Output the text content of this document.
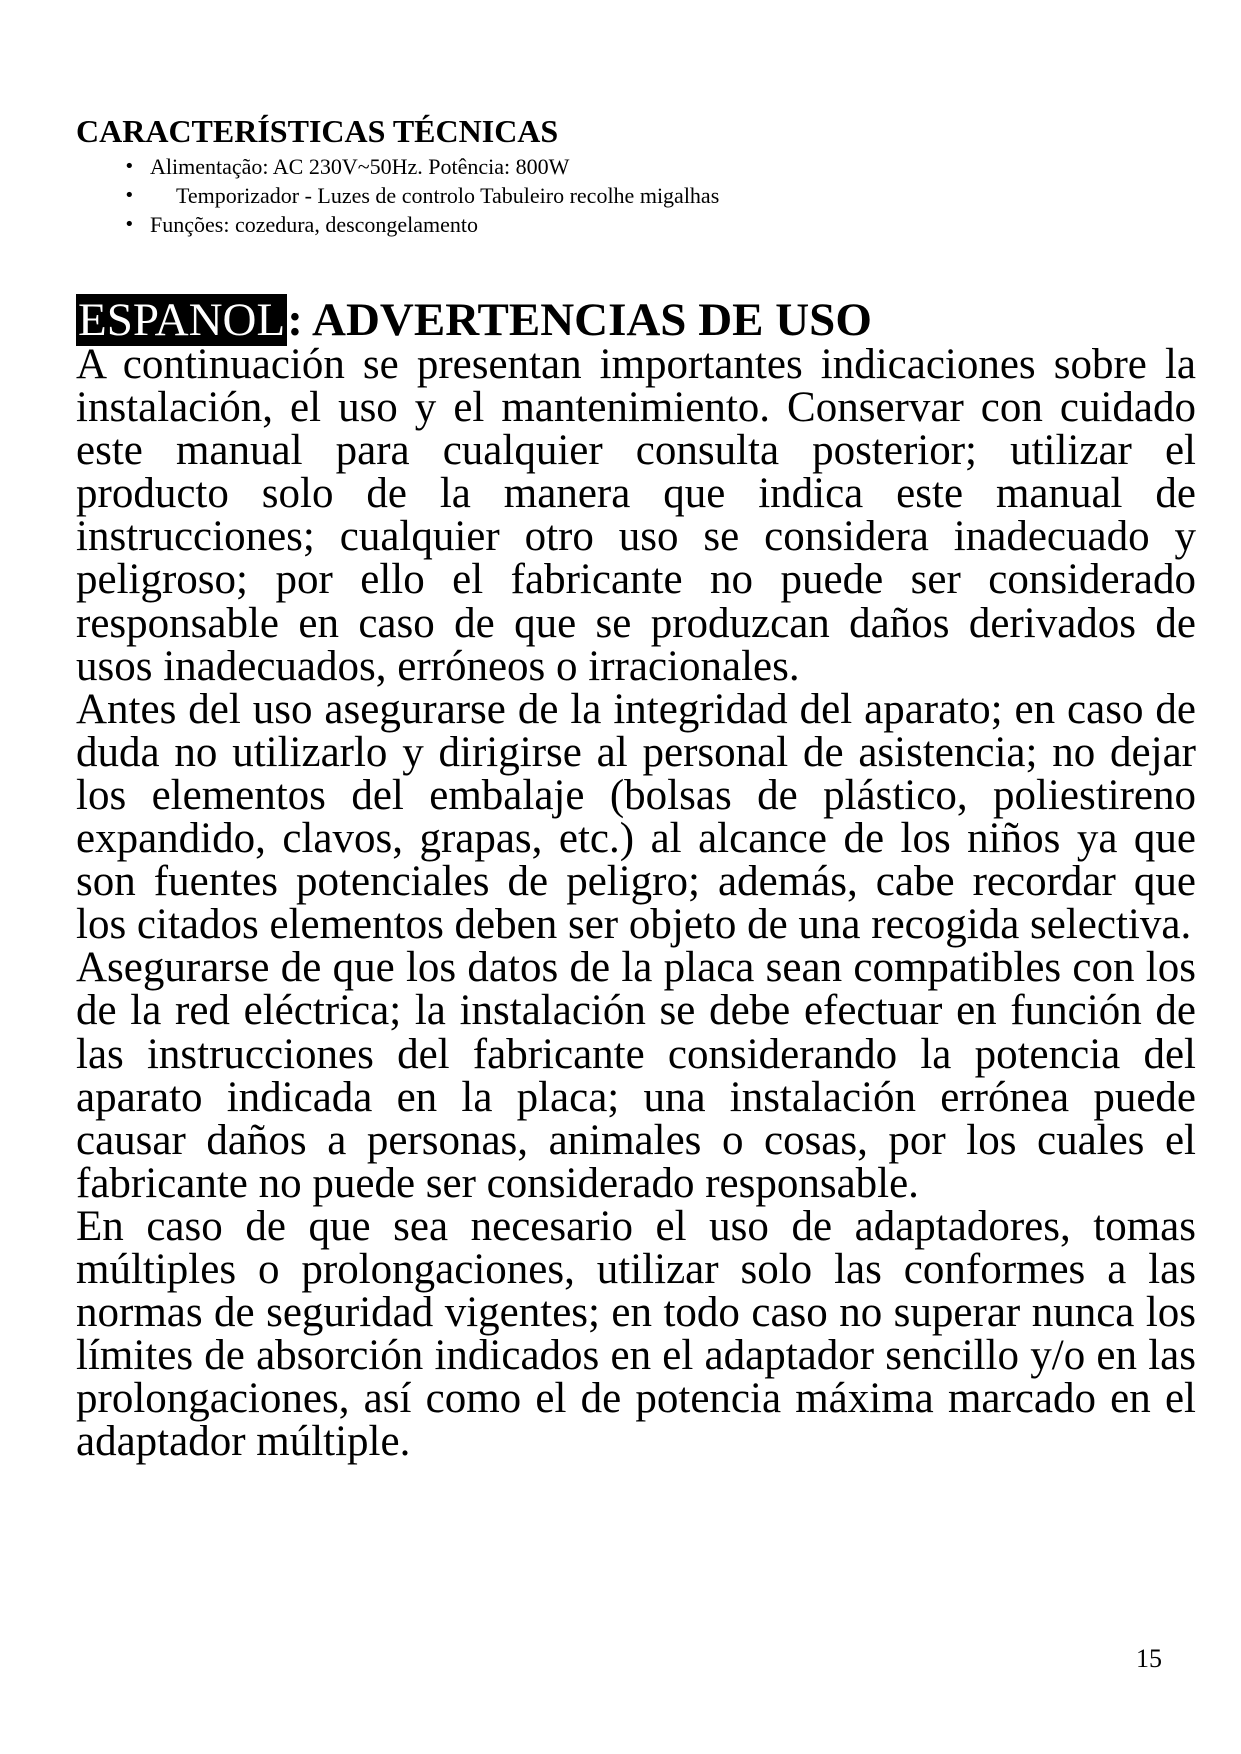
CARACTERÍSTICAS TÉCNICAS
• Alimentação: AC 230V~50Hz. Potência: 800W
• Temporizador - Luzes de controlo Tabuleiro recolhe migalhas
• Funções: cozedura, descongelamento
ESPANOL: ADVERTENCIAS DE USO

A continuación se presentan importantes indicaciones sobre la instalación, el uso y el mantenimiento. Conservar con cuidado este manual para cualquier consulta posterior; utilizar el producto solo de la manera que indica este manual de instrucciones; cualquier otro uso se considera inadecuado y peligroso; por ello el fabricante no puede ser considerado responsable en caso de que se produzcan daños derivados de usos inadecuados, erróneos o irracionales.

Antes del uso asegurarse de la integridad del aparato; en caso de duda no utilizarlo y dirigirse al personal de asistencia; no dejar los elementos del embalaje (bolsas de plástico, poliestireno expandido, clavos, grapas, etc.) al alcance de los niños ya que son fuentes potenciales de peligro; además, cabe recordar que los citados elementos deben ser objeto de una recogida selectiva.

Asegurarse de que los datos de la placa sean compatibles con los de la red eléctrica; la instalación se debe efectuar en función de las instrucciones del fabricante considerando la potencia del aparato indicada en la placa; una instalación errónea puede causar daños a personas, animales o cosas, por los cuales el fabricante no puede ser considerado responsable.

En caso de que sea necesario el uso de adaptadores, tomas múltiples o prolongaciones, utilizar solo las conformes a las normas de seguridad vigentes; en todo caso no superar nunca los límites de absorción indicados en el adaptador sencillo y/o en las prolongaciones, así como el de potencia máxima marcado en el adaptador múltiple.

15
